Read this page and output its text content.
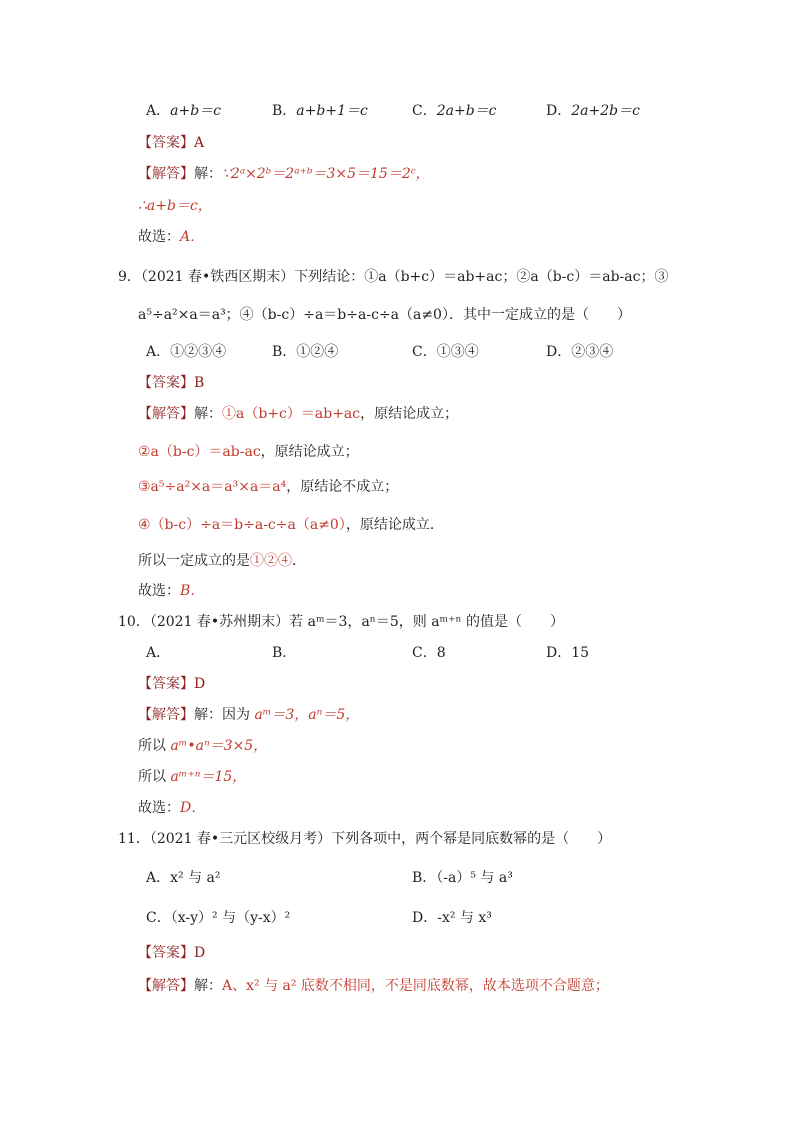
A．a+b＝c	B．a+b+1＝c	C．2a+b＝c	D．2a+2b＝c
【答案】A
【解答】解：∵2ᵃ×2ᵇ＝2ᵃ⁺ᵇ＝3×5＝15＝2ᶜ，
∴a+b＝c，
故选：A．
9．（2021 春•铁西区期末）下列结论：①a（b+c）＝ab+ac；②a（b-c）＝ab-ac；③
a⁵÷a²×a＝a³；④（b-c）÷a＝b÷a-c÷a（a≠0）．其中一定成立的是（　　）
A．①②③④	B．①②④	C．①③④	D．②③④
【答案】B
【解答】解：①a（b+c）＝ab+ac，原结论成立；
②a（b-c）＝ab-ac，原结论成立；
③a⁵÷a²×a＝a³×a＝a⁴，原结论不成立；
④（b-c）÷a＝b÷a-c÷a（a≠0），原结论成立．
所以一定成立的是①②④．
故选：B．
10．（2021 春•苏州期末）若 aᵐ＝3，aⁿ＝5，则 aᵐ⁺ⁿ 的值是（　　）
A．	B．	C．8	D．15
【答案】D
【解答】解：因为 aᵐ＝3，aⁿ＝5，
所以 aᵐ•aⁿ＝3×5，
所以 aᵐ⁺ⁿ＝15，
故选：D．
11．（2021 春•三元区校级月考）下列各项中，两个幂是同底数幂的是（　　）
A．x² 与 a²	B．（-a）⁵ 与 a³
C．（x-y）² 与（y-x）²	D．-x² 与 x³
【答案】D
【解答】解：A、x² 与 a² 底数不相同，不是同底数幂，故本选项不合题意；
